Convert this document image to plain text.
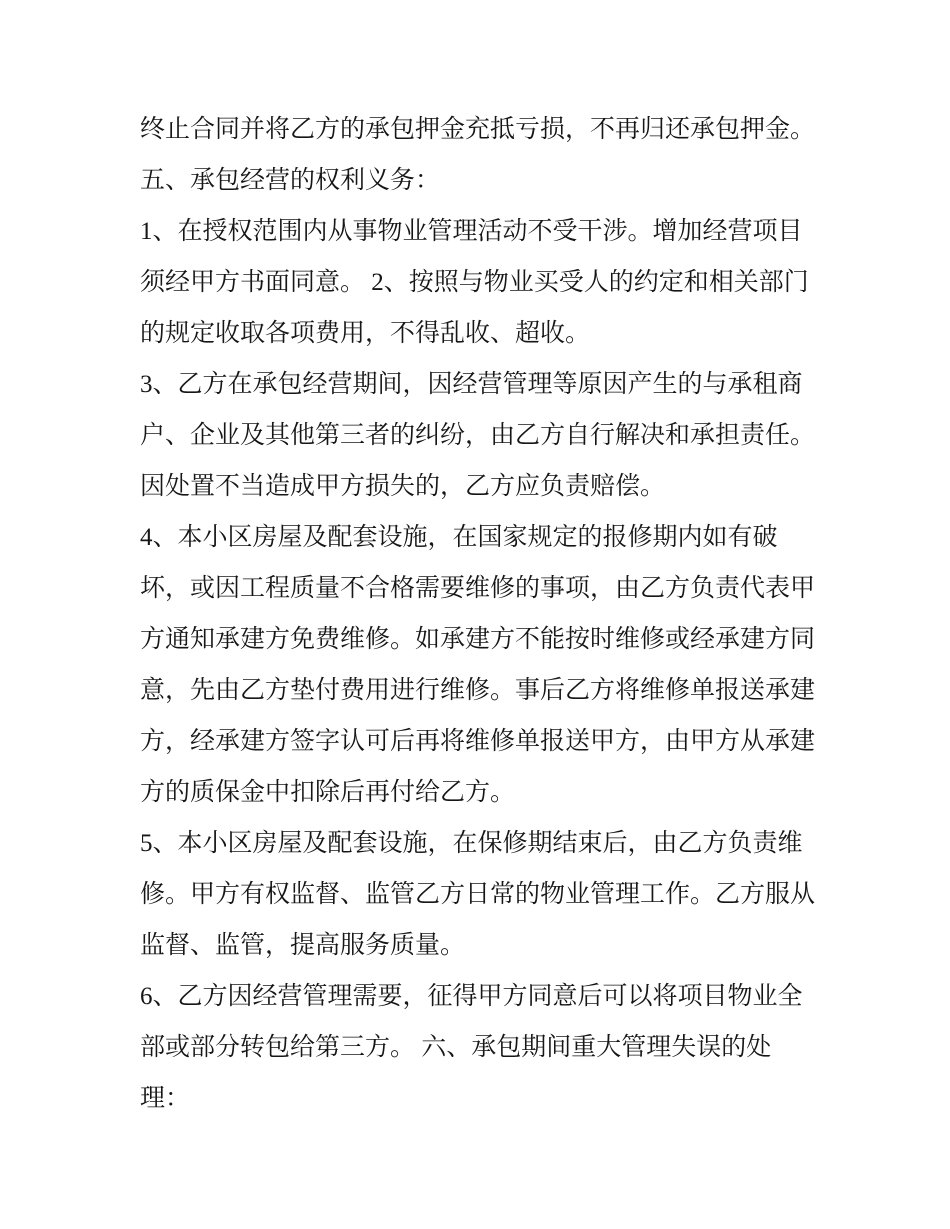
终止合同并将乙方的承包押金充抵亏损，不再归还承包押金。
五、承包经营的权利义务：
1、在授权范围内从事物业管理活动不受干涉。增加经营项目
须经甲方书面同意。 2、按照与物业买受人的约定和相关部门
的规定收取各项费用，不得乱收、超收。
3、乙方在承包经营期间，因经营管理等原因产生的与承租商
户、企业及其他第三者的纠纷，由乙方自行解决和承担责任。
因处置不当造成甲方损失的，乙方应负责赔偿。
4、本小区房屋及配套设施，在国家规定的报修期内如有破
坏，或因工程质量不合格需要维修的事项，由乙方负责代表甲
方通知承建方免费维修。如承建方不能按时维修或经承建方同
意，先由乙方垫付费用进行维修。事后乙方将维修单报送承建
方，经承建方签字认可后再将维修单报送甲方，由甲方从承建
方的质保金中扣除后再付给乙方。
5、本小区房屋及配套设施，在保修期结束后，由乙方负责维
修。甲方有权监督、监管乙方日常的物业管理工作。乙方服从
监督、监管，提高服务质量。
6、乙方因经营管理需要，征得甲方同意后可以将项目物业全
部或部分转包给第三方。 六、承包期间重大管理失误的处
理：
